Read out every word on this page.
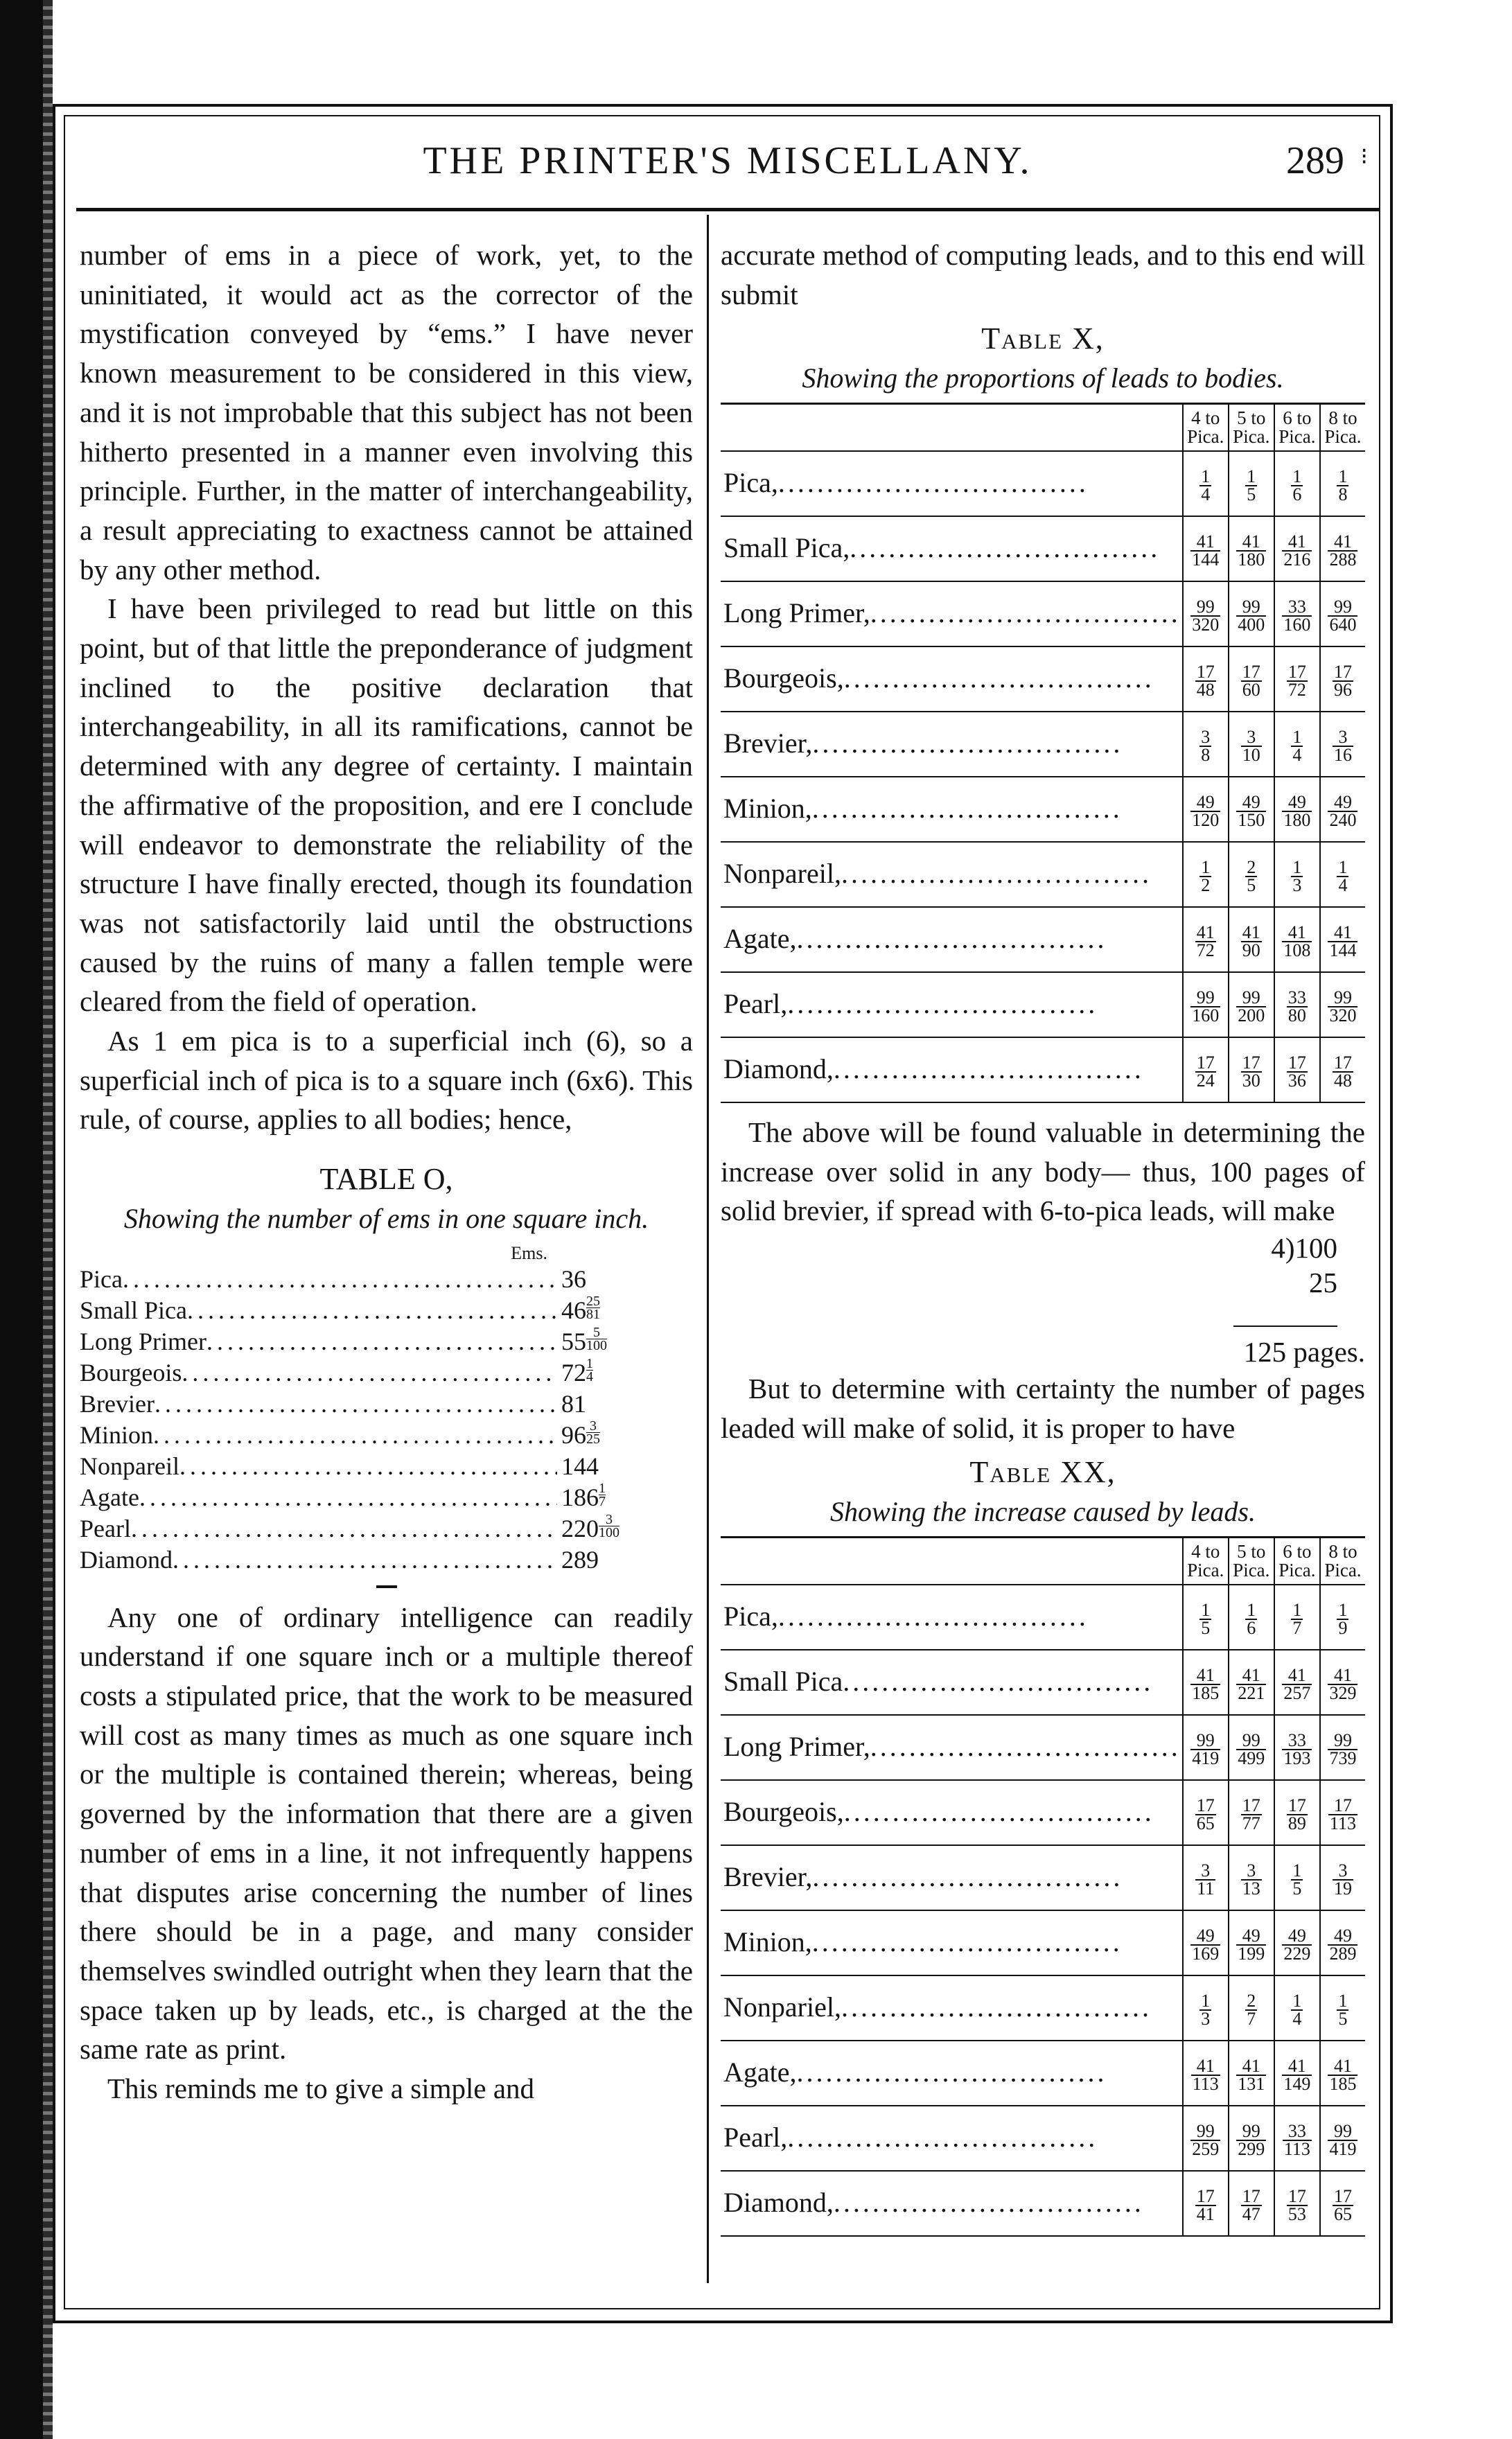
THE PRINTER'S MISCELLANY.	289 ⁝

number of ems in a piece of work, yet, to the uninitiated, it would act as the corrector of the mystification conveyed by “ems.” I have never known measurement to be considered in this view, and it is not improbable that this subject has not been hitherto presented in a manner even involving this principle. Further, in the matter of interchangeability, a result appreciating to exactness cannot be attained by any other method.

I have been privileged to read but little on this point, but of that little the preponderance of judgment inclined to the positive declaration that interchangeability, in all its ramifications, cannot be determined with any degree of certainty. I maintain the affirmative of the proposition, and ere I conclude will endeavor to demonstrate the reliability of the structure I have finally erected, though its foundation was not satisfactorily laid until the obstructions caused by the ruins of many a fallen temple were cleared from the field of operation.

As 1 em pica is to a superficial inch (6), so a superficial inch of pica is to a square inch (6x6). This rule, of course, applies to all bodies; hence,

TABLE O,
Showing the number of ems in one square inch.
Ems.
Pica .....	36
Small Pica .....	$46 \frac{25}{81}$
Long Primer .....	$55 \frac{5}{100}$
Bourgeois .....	$72 \frac{1}{4}$
Brevier .....	81
Minion .....	$96 \frac{3}{25}$
Nonpareil .....	144
Agate .....	$186 \frac{1}{7}$
Pearl .....	$220 \frac{3}{100}$
Diamond .....	289

Any one of ordinary intelligence can readily understand if one square inch or a multiple thereof costs a stipulated price, that the work to be measured will cost as many times as much as one square inch or the multiple is contained therein; whereas, being governed by the information that there are a given number of ems in a line, it not infrequently happens that disputes arise concerning the number of lines there should be in a page, and many consider themselves swindled outright when they learn that the space taken up by leads, etc., is charged at the the same rate as print.

This reminds me to give a simple and

accurate method of computing leads, and to this end will submit

Table X,
Showing the proportions of leads to bodies.
	4 to Pica.	5 to Pica.	6 to Pica.	8 to Pica.
Pica,................................	$\frac{1}{4}$	$\frac{1}{5}$	$\frac{1}{6}$	$\frac{1}{8}$

Small Pica,................................	$\frac{41}{144}$	$\frac{41}{180}$	$\frac{41}{216}$	$\frac{41}{288}$

Long Primer,................................	$\frac{99}{320}$	$\frac{99}{400}$	$\frac{33}{160}$	$\frac{99}{640}$

Bourgeois,................................	$\frac{17}{48}$	$\frac{17}{60}$	$\frac{17}{72}$	$\frac{17}{96}$

Brevier,................................	$\frac{3}{8}$	$\frac{3}{10}$	$\frac{1}{4}$	$\frac{3}{16}$

Minion,................................	$\frac{49}{120}$	$\frac{49}{150}$	$\frac{49}{180}$	$\frac{49}{240}$

Nonpareil,................................	$\frac{1}{2}$	$\frac{2}{5}$	$\frac{1}{3}$	$\frac{1}{4}$

Agate,................................	$\frac{41}{72}$	$\frac{41}{90}$	$\frac{41}{108}$	$\frac{41}{144}$

Pearl,................................	$\frac{99}{160}$	$\frac{99}{200}$	$\frac{33}{80}$	$\frac{99}{320}$

Diamond,................................	$\frac{17}{24}$	$\frac{17}{30}$	$\frac{17}{36}$	$\frac{17}{48}$

The above will be found valuable in determining the increase over solid in any body— thus, 100 pages of solid brevier, if spread with 6-to-pica leads, will make

4)100
25
125 pages.

But to determine with certainty the number of pages leaded will make of solid, it is proper to have

Table XX,
Showing the increase caused by leads.
	4 to Pica.	5 to Pica.	6 to Pica.	8 to Pica.
Pica,................................	$\frac{1}{5}$	$\frac{1}{6}$	$\frac{1}{7}$	$\frac{1}{9}$

Small Pica................................	$\frac{41}{185}$	$\frac{41}{221}$	$\frac{41}{257}$	$\frac{41}{329}$

Long Primer,................................	$\frac{99}{419}$	$\frac{99}{499}$	$\frac{33}{193}$	$\frac{99}{739}$

Bourgeois,................................	$\frac{17}{65}$	$\frac{17}{77}$	$\frac{17}{89}$	$\frac{17}{113}$

Brevier,................................	$\frac{3}{11}$	$\frac{3}{13}$	$\frac{1}{5}$	$\frac{3}{19}$

Minion,................................	$\frac{49}{169}$	$\frac{49}{199}$	$\frac{49}{229}$	$\frac{49}{289}$

Nonpariel,................................	$\frac{1}{3}$	$\frac{2}{7}$	$\frac{1}{4}$	$\frac{1}{5}$

Agate,................................	$\frac{41}{113}$	$\frac{41}{131}$	$\frac{41}{149}$	$\frac{41}{185}$

Pearl,................................	$\frac{99}{259}$	$\frac{99}{299}$	$\frac{33}{113}$	$\frac{99}{419}$

Diamond,................................	$\frac{17}{41}$	$\frac{17}{47}$	$\frac{17}{53}$	$\frac{17}{65}$
